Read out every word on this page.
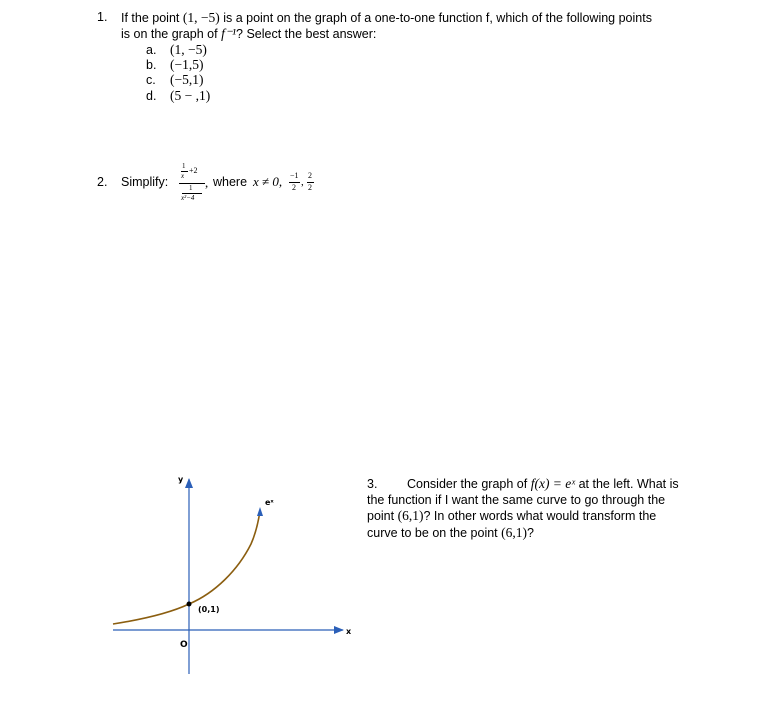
1. If the point (1, −5) is a point on the graph of a one-to-one function f, which of the following points
is on the graph of f⁻¹? Select the best answer:
a. (1, −5)
b. (−1,5)
c. (−5,1)
d. (5 − ,1)
2. Simplify:
1
x
+2
1
x²−4
, where x ≠ 0, −1
2 ,
2
2
y
x
O
(0,1)
eˣ
3. Consider the graph of f(x) = eˣ at the left. What is the function if I want the same curve to go through the point (6,1)? In other words what would transform the curve to be on the point (6,1)?
